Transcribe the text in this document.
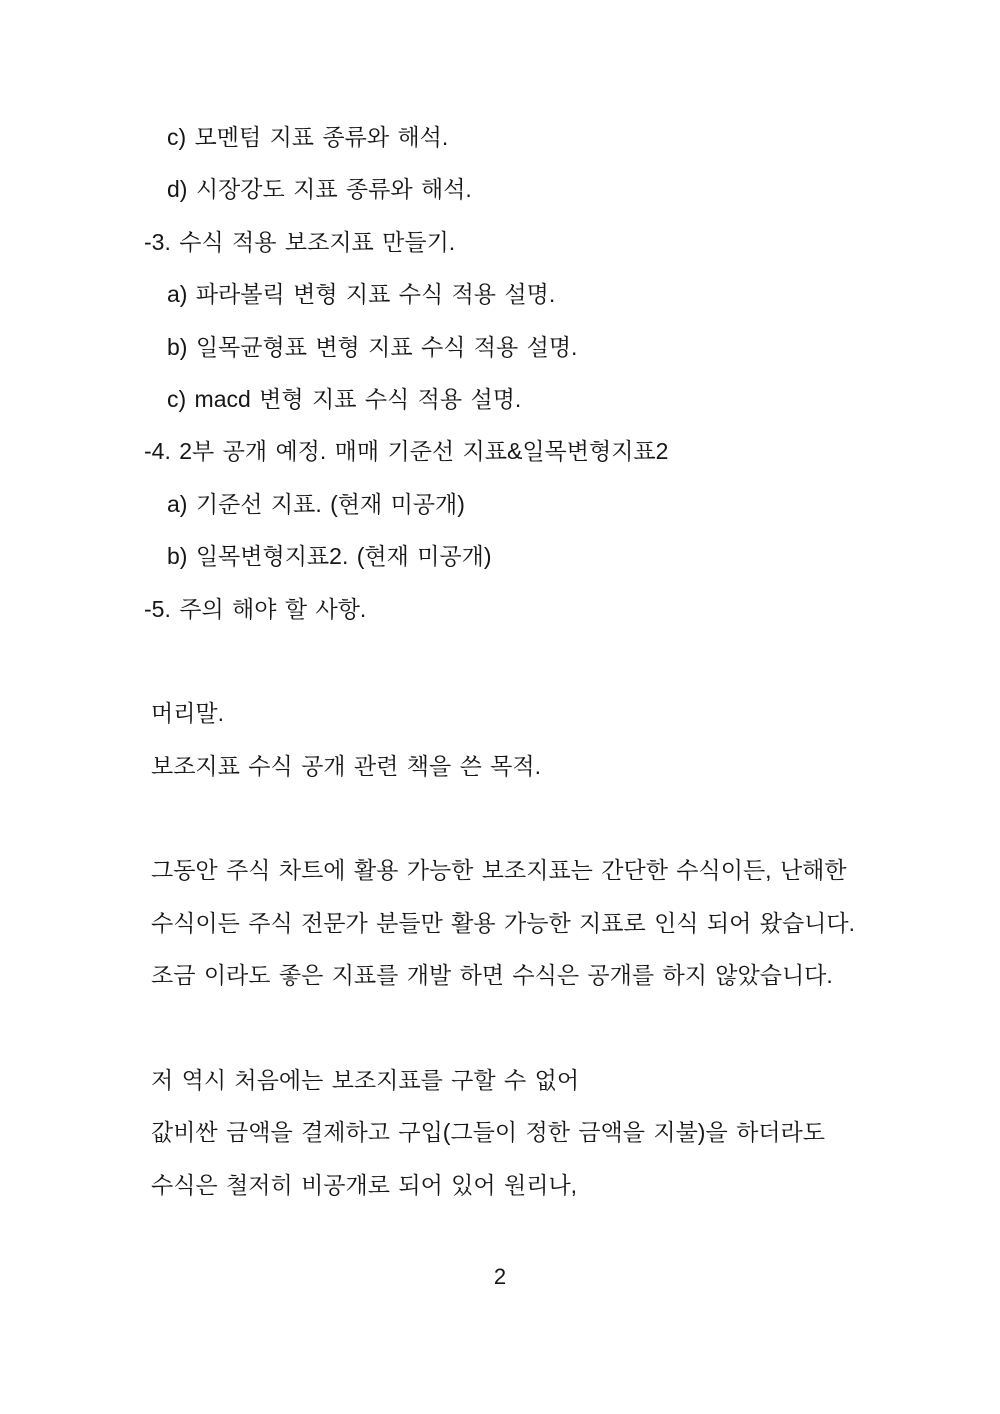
c) 모멘텀 지표 종류와 해석.
d) 시장강도 지표 종류와 해석.
-3. 수식 적용 보조지표 만들기.
a) 파라볼릭 변형 지표 수식 적용 설명.
b) 일목균형표 변형 지표 수식 적용 설명.
c) macd 변형 지표 수식 적용 설명.
-4. 2부 공개 예정. 매매 기준선 지표&일목변형지표2
a) 기준선 지표. (현재 미공개)
b) 일목변형지표2. (현재 미공개)
-5. 주의 해야 할 사항.
머리말.
보조지표 수식 공개 관련 책을 쓴 목적.
그동안 주식 차트에 활용 가능한 보조지표는 간단한 수식이든, 난해한
수식이든 주식 전문가 분들만 활용 가능한 지표로 인식 되어 왔습니다.
조금 이라도 좋은 지표를 개발 하면 수식은 공개를 하지 않았습니다.
저 역시 처음에는 보조지표를 구할 수 없어
값비싼 금액을 결제하고 구입(그들이 정한 금액을 지불)을 하더라도
수식은 철저히 비공개로 되어 있어 원리나,
2
